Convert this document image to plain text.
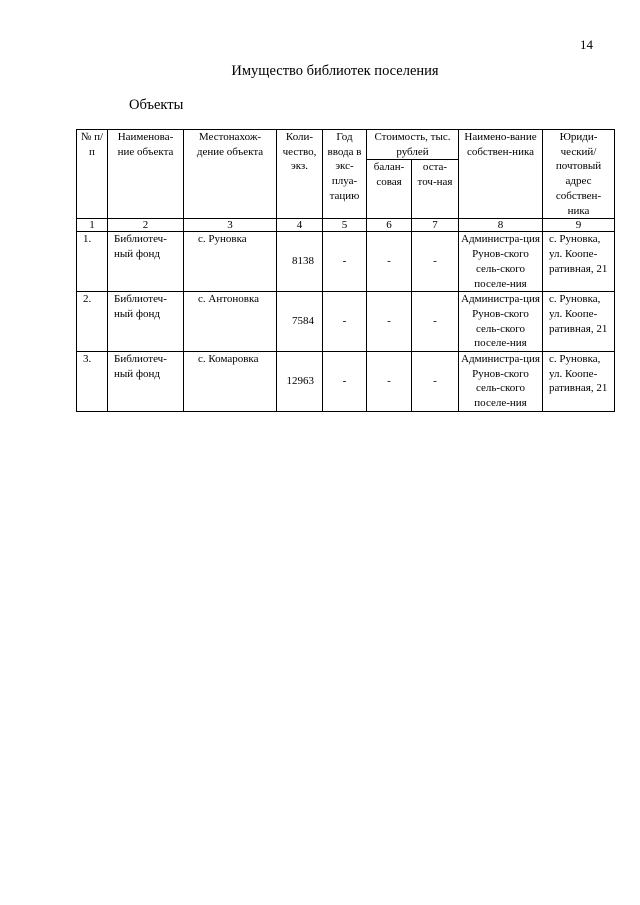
14
Имущество библиотек поселения
Объекты
№ п/п	Наименова-ние объекта	Местонахож-дение объекта	Коли-чество, экз.	Год ввода в экс-плуа-тацию	Стоимость, тыс. рублей		Наимено-вание собствен-ника	Юриди-ческий/ почтовый адрес собствен-ника
					балан-совая	оста-точ-ная		
1	2	3	4	5	6	7	8	9
1.	Библиотеч-ный фонд	с. Руновка	8138	-	-	-	Администра-ция Рунов-ского сель-ского поселе-ния	с. Руновка, ул. Коопе-ративная, 21
2.	Библиотеч-ный фонд	с. Антоновка	7584	-	-	-	Администра-ция Рунов-ского сель-ского поселе-ния	с. Руновка, ул. Коопе-ративная, 21
3.	Библиотеч-ный фонд	с. Комаровка	12963	-	-	-	Администра-ция Рунов-ского сель-ского поселе-ния	с. Руновка, ул. Коопе-ративная, 21
